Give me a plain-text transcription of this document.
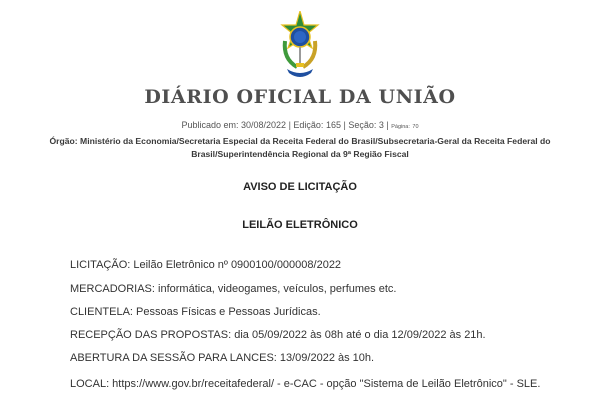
DIÁRIO OFICIAL DA UNIÃO
Publicado em: 30/08/2022 | Edição: 165 | Seção: 3 | Página: 70
Órgão: Ministério da Economia/Secretaria Especial da Receita Federal do Brasil/Subsecretaria-Geral da Receita Federal do Brasil/Superintendência Regional da 9ª Região Fiscal
AVISO DE LICITAÇÃO
LEILÃO ELETRÔNICO
LICITAÇÃO: Leilão Eletrônico nº 0900100/000008/2022
MERCADORIAS: informática, videogames, veículos, perfumes etc.
CLIENTELA: Pessoas Físicas e Pessoas Jurídicas.
RECEPÇÃO DAS PROPOSTAS: dia 05/09/2022 às 08h até o dia 12/09/2022 às 21h.
ABERTURA DA SESSÃO PARA LANCES: 13/09/2022 às 10h.
LOCAL: https://www.gov.br/receitafederal/ - e-CAC - opção "Sistema de Leilão Eletrônico" - SLE.
